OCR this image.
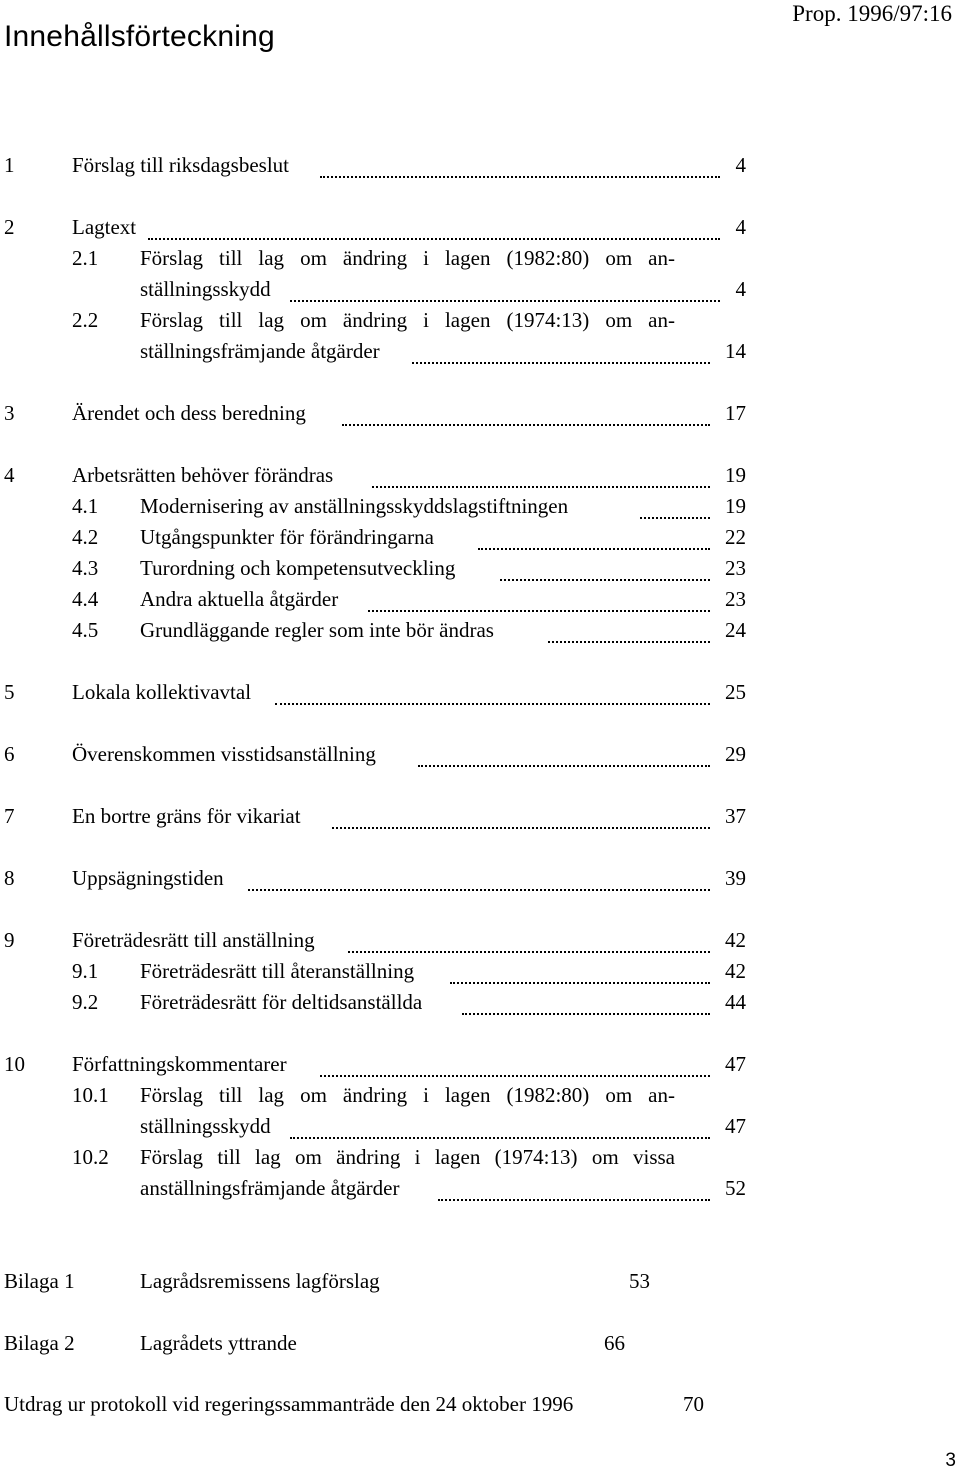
Innehållsförteckning
Prop. 1996/97:16
1	Förslag till riksdagsbeslut	4
2	Lagtext	4
2.1 Förslag till lag om ändring i lagen (1982:80) om an-
ställningsskydd	4
2.2 Förslag till lag om ändring i lagen (1974:13) om an-
ställningsfrämjande åtgärder	14
3	Ärendet och dess beredning	17
4	Arbetsrätten behöver förändras	19
4.1 Modernisering av anställningsskyddslagstiftningen	19
4.2 Utgångspunkter för förändringarna	22
4.3 Turordning och kompetensutveckling	23
4.4 Andra aktuella åtgärder	23
4.5 Grundläggande regler som inte bör ändras	24
5	Lokala kollektivavtal	25
6	Överenskommen visstidsanställning	29
7	En bortre gräns för vikariat	37
8	Uppsägningstiden	39
9	Företrädesrätt till anställning	42
9.1 Företrädesrätt till återanställning	42
9.2 Företrädesrätt för deltidsanställda	44
10 Författningskommentarer	47
10.1 Förslag till lag om ändring i lagen (1982:80) om an-
ställningsskydd	47
10.2 Förslag till lag om ändring i lagen (1974:13) om vissa
anställningsfrämjande åtgärder	52
Bilaga 1	Lagrådsremissens lagförslag	53
Bilaga 2	Lagrådets yttrande	66
Utdrag ur protokoll vid regeringssammanträde den 24 oktober 1996	70
3
